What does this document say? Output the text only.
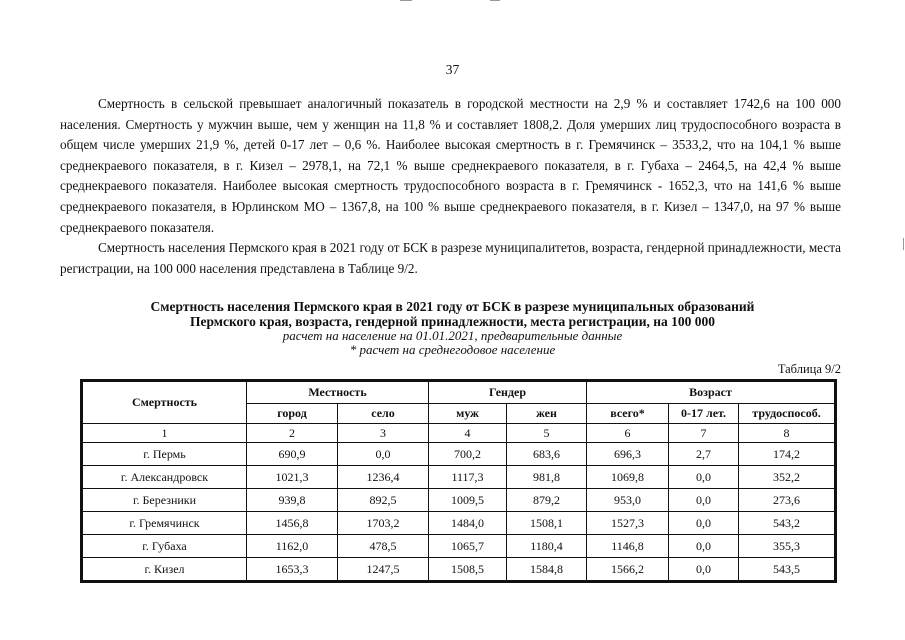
37

Смертность в сельской превышает аналогичный показатель в городской местности на 2,9 % и составляет 1742,6 на 100 000 населения. Смертность у мужчин выше, чем у женщин на 11,8 % и составляет 1808,2. Доля умерших лиц трудоспособного возраста в общем числе умерших 21,9 %, детей 0-17 лет – 0,6 %. Наиболее высокая смертность в г. Гремячинск – 3533,2, что на 104,1 % выше среднекраевого показателя, в г. Кизел – 2978,1, на 72,1 % выше среднекраевого показателя, в г. Губаха – 2464,5, на 42,4 % выше среднекраевого показателя. Наиболее высокая смертность трудоспособного возраста в г. Гремячинск - 1652,3, что на 141,6 % выше среднекраевого показателя, в Юрлинском МО – 1367,8, на 100 % выше среднекраевого показателя, в г. Кизел – 1347,0, на 97 % выше среднекраевого показателя.

Смертность населения Пермского края в 2021 году от БСК в разрезе муниципалитетов, возраста, гендерной принадлежности, места регистрации, на 100 000 населения представлена в Таблице 9/2.

Смертность населения Пермского края в 2021 году от БСК в разрезе муниципальных образований
Пермского края, возраста, гендерной принадлежности, места регистрации, на 100 000
расчет на население на 01.01.2021, предварительные данные
* расчет на среднегодовое население
Таблица 9/2
Смертность	Местность		Гендер		Возраст		
	город	село	муж	жен	всего*	0-17 лет.	трудоспособ.
1	2	3	4	5	6	7	8
г. Пермь	690,9	0,0	700,2	683,6	696,3	2,7	174,2
г. Александровск	1021,3	1236,4	1117,3	981,8	1069,8	0,0	352,2
г. Березники	939,8	892,5	1009,5	879,2	953,0	0,0	273,6
г. Гремячинск	1456,8	1703,2	1484,0	1508,1	1527,3	0,0	543,2
г. Губаха	1162,0	478,5	1065,7	1180,4	1146,8	0,0	355,3
г. Кизел	1653,3	1247,5	1508,5	1584,8	1566,2	0,0	543,5
